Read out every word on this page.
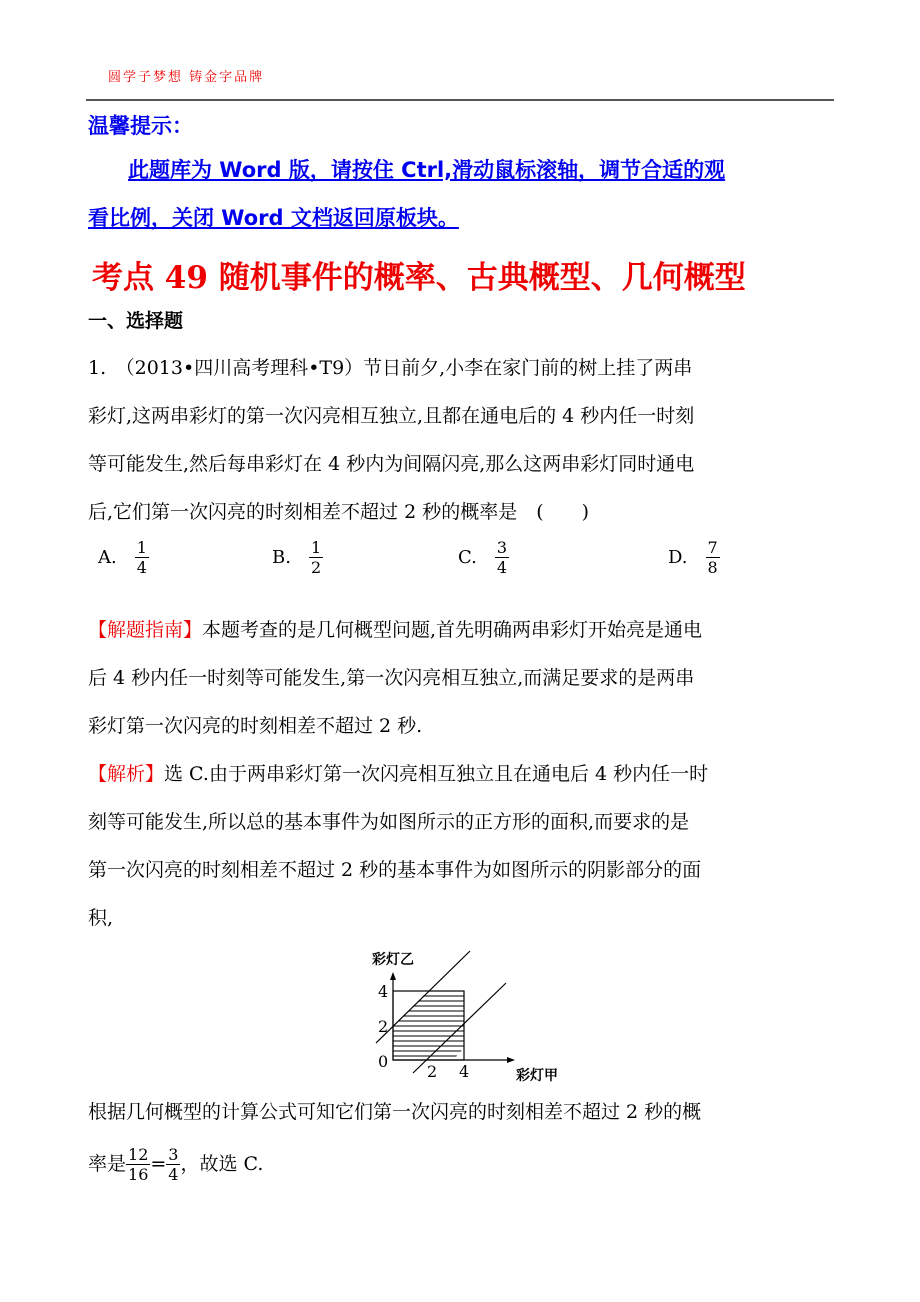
圆学子梦想 铸金字品牌
温馨提示：
此题库为 Word 版，请按住 Ctrl,滑动鼠标滚轴，调节合适的观
看比例，关闭 Word 文档返回原板块。
考点 49 随机事件的概率、古典概型、几何概型
一、选择题
1.　（2013•四川高考理科•T9）节日前夕,小李在家门前的树上挂了两串
彩灯,这两串彩灯的第一次闪亮相互独立,且都在通电后的 4 秒内任一时刻
等可能发生,然后每串彩灯在 4 秒内为间隔闪亮,那么这两串彩灯同时通电
后,它们第一次闪亮的时刻相差不超过 2 秒的概率是　(　　)
A. $\frac{1}{4}$	B. $\frac{1}{2}$	C. $\frac{3}{4}$	D. $\frac{7}{8}$
【解题指南】本题考查的是几何概型问题,首先明确两串彩灯开始亮是通电
后 4 秒内任一时刻等可能发生,第一次闪亮相互独立,而满足要求的是两串
彩灯第一次闪亮的时刻相差不超过 2 秒.
【解析】选 C.由于两串彩灯第一次闪亮相互独立且在通电后 4 秒内任一时
刻等可能发生,所以总的基本事件为如图所示的正方形的面积,而要求的是
第一次闪亮的时刻相差不超过 2 秒的基本事件为如图所示的阴影部分的面
积,
彩灯乙
4
2
0
2 4	彩灯甲
根据几何概型的计算公式可知它们第一次闪亮的时刻相差不超过 2 秒的概
率是 $\frac{12}{16} = \frac{3}{4}$ ，故选 C.
